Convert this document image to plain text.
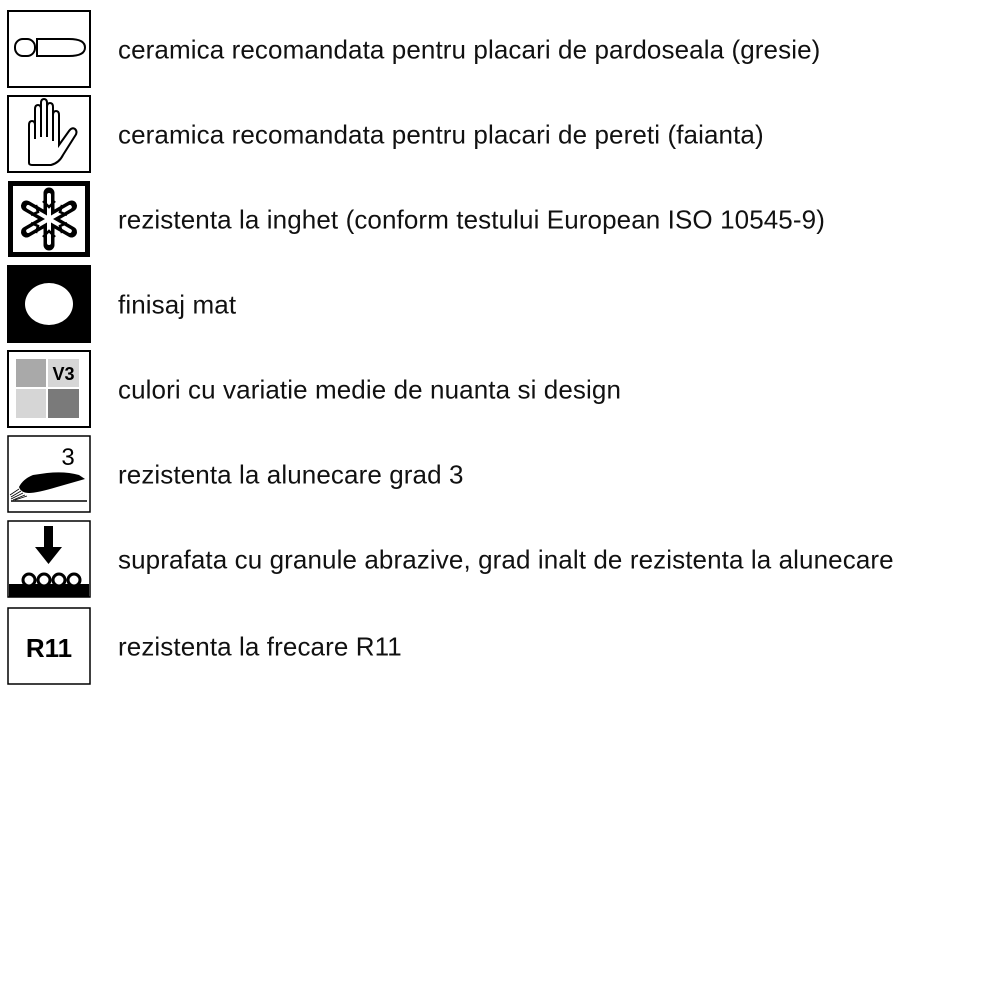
ceramica recomandata pentru placari de pardoseala (gresie)
ceramica recomandata pentru placari de pereti (faianta)
rezistenta la inghet (conform testului European ISO 10545-9)
finisaj mat
V3
culori cu variatie medie de nuanta si design
3
rezistenta la alunecare grad 3
suprafata cu granule abrazive, grad inalt de rezistenta la alunecare
R11 rezistenta la frecare R11
